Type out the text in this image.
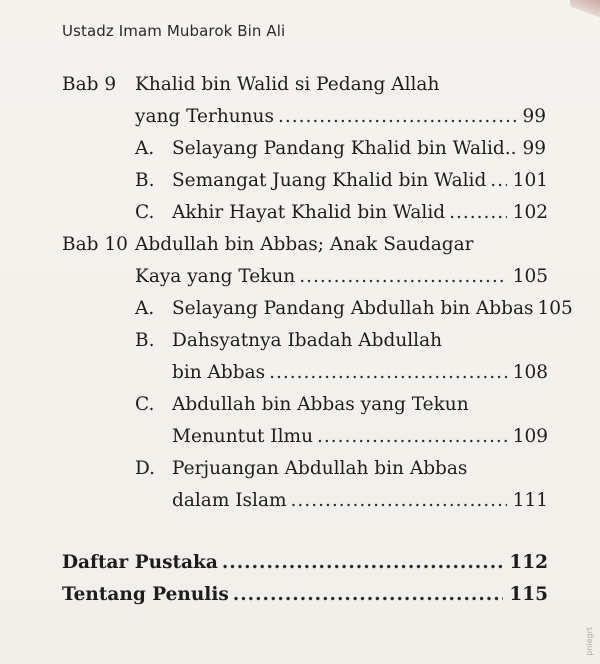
Ustadz Imam Mubarok Bin Ali
Bab 9 Khalid bin Walid si Pedang Allah
yang Terhunus .....	99
A. Selayang Pandang Khalid bin Walid.. 99
B. Semangat Juang Khalid bin Walid ..... 101
C. Akhir Hayat Khalid bin Walid .....	102
Bab 10 Abdullah bin Abbas; Anak Saudagar
Kaya yang Tekun .....	105
A. Selayang Pandang Abdullah bin Abbas 105
B. Dahsyatnya Ibadah Abdullah
bin Abbas .....	108
C. Abdullah bin Abbas yang Tekun
Menuntut Ilmu .....	109
D. Perjuangan Abdullah bin Abbas
dalam Islam .....	111
Daftar Pustaka .....	112
Tentang Penulis .....	115
pnlegrt
